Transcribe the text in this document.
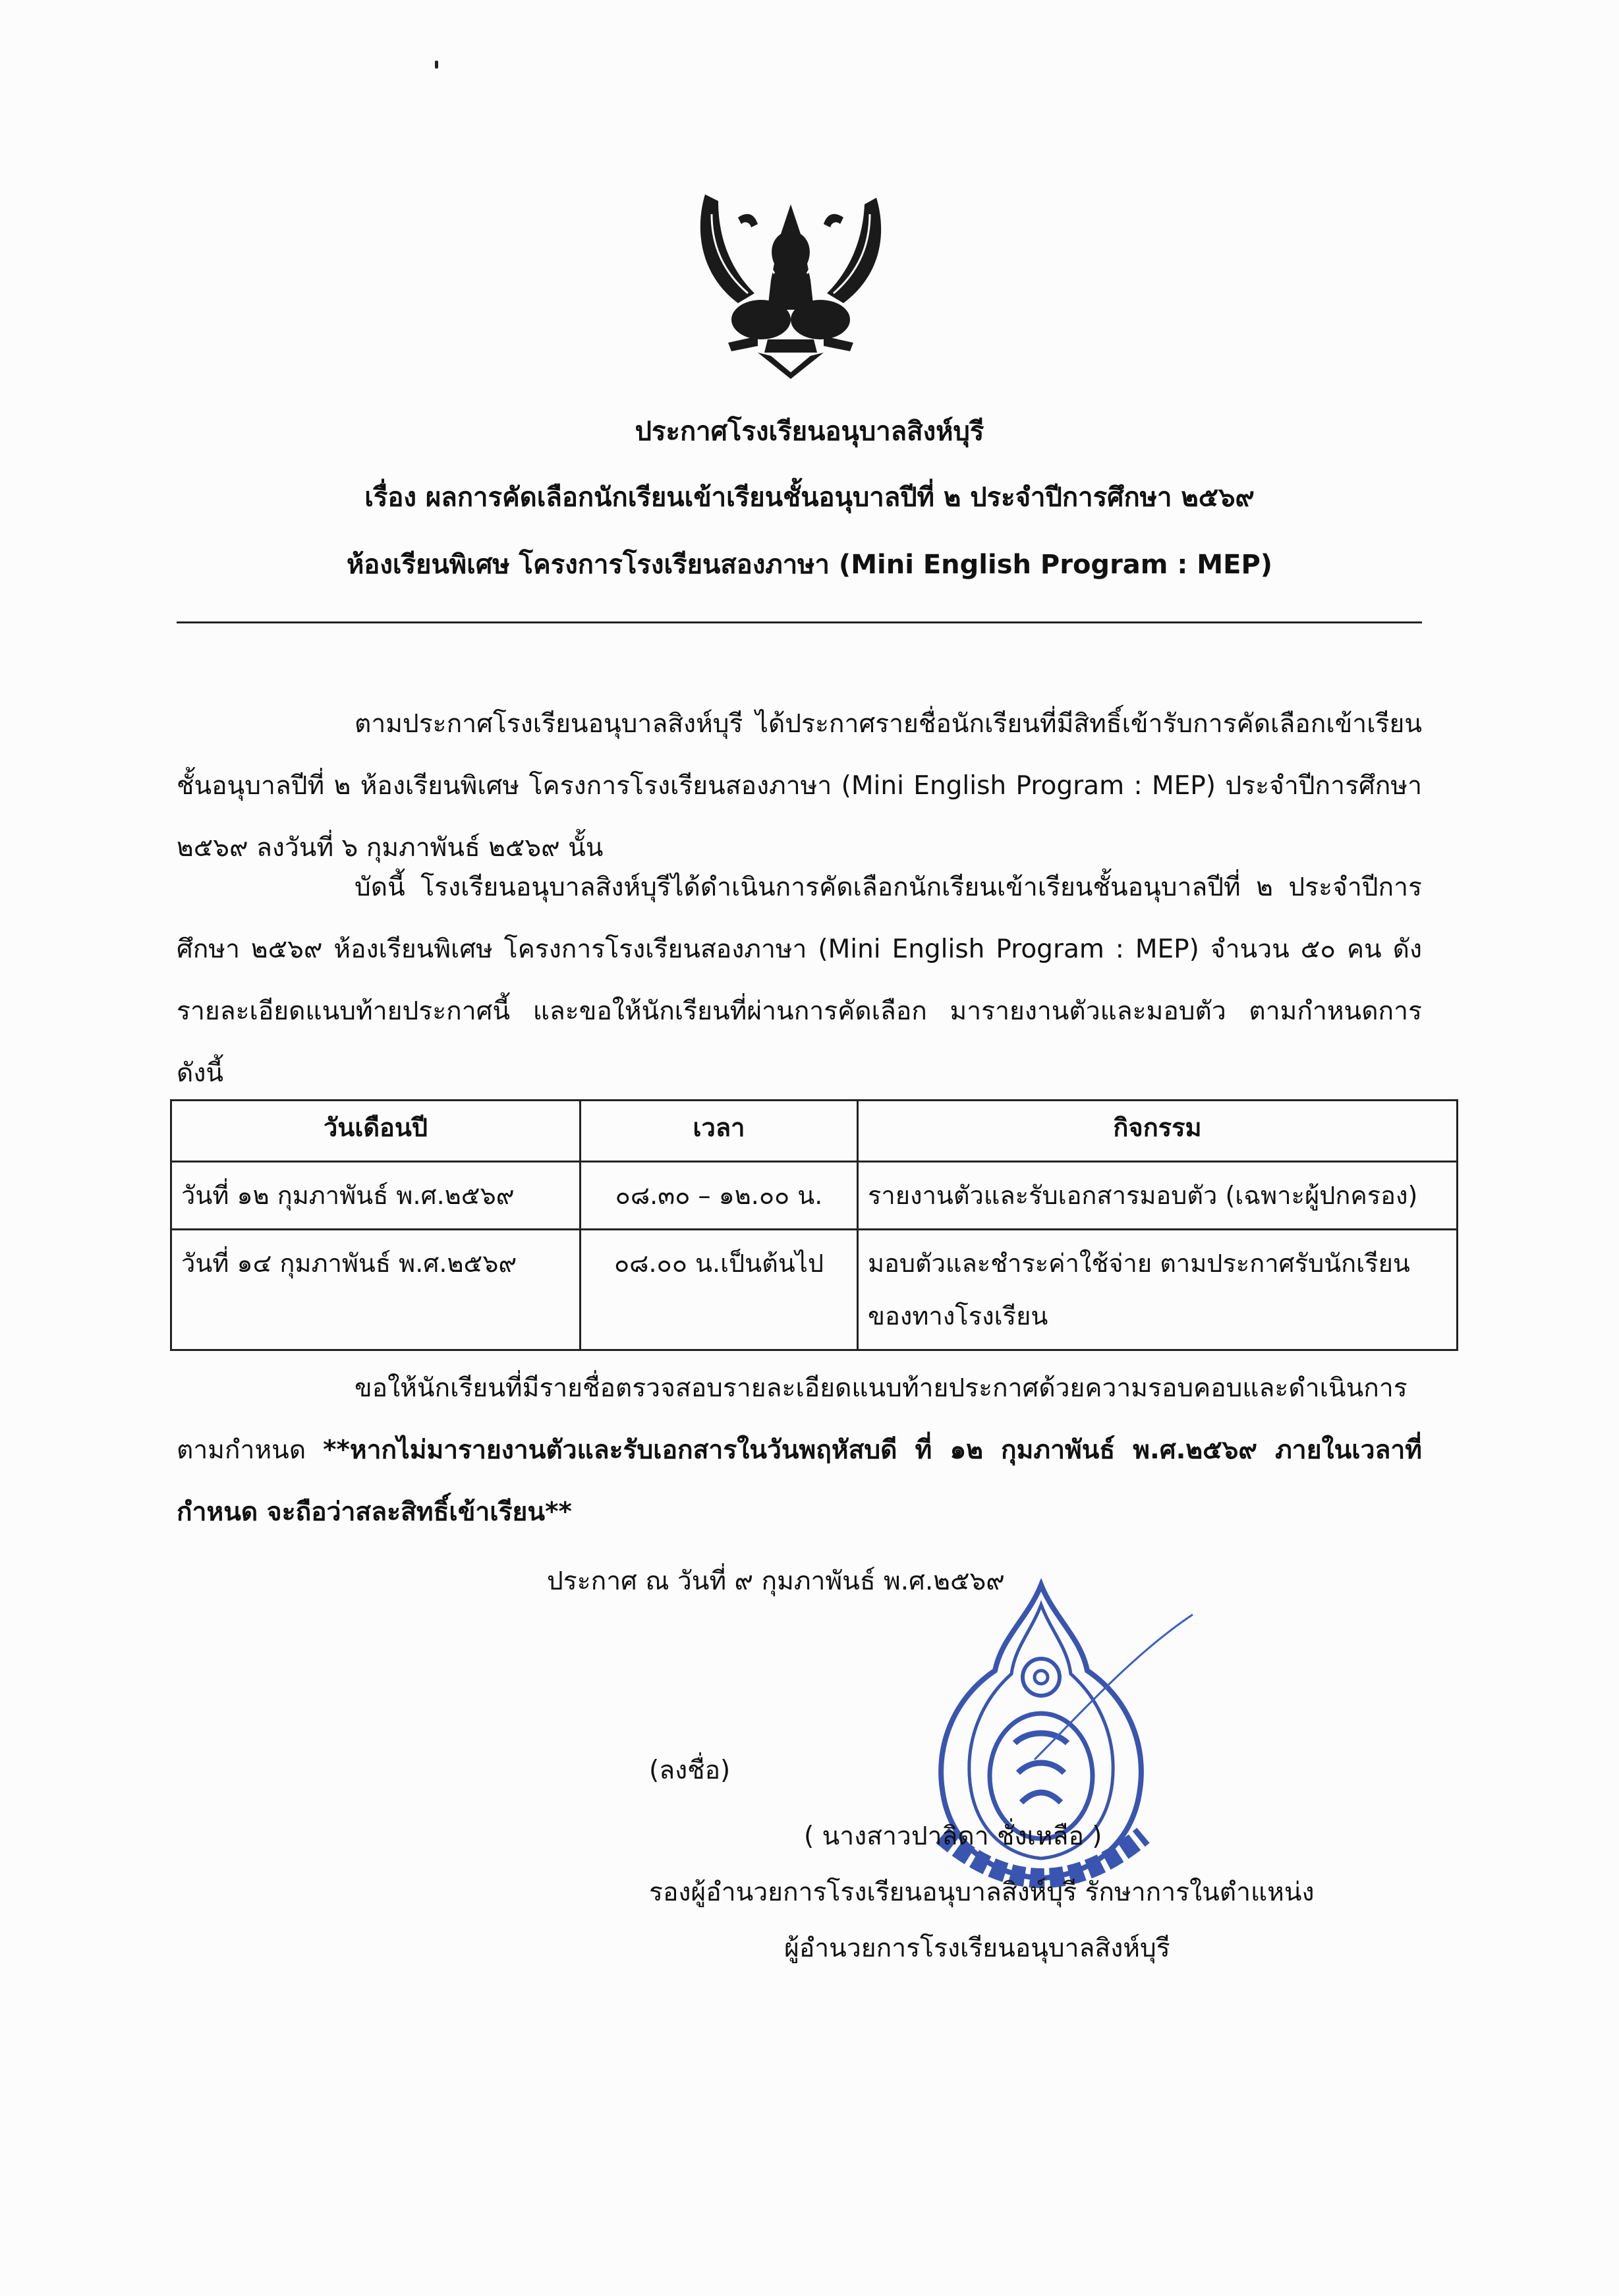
ประกาศโรงเรียนอนุบาลสิงห์บุรี
เรื่อง ผลการคัดเลือกนักเรียนเข้าเรียนชั้นอนุบาลปีที่ ๒ ประจำปีการศึกษา ๒๕๖๙
ห้องเรียนพิเศษ โครงการโรงเรียนสองภาษา (Mini English Program : MEP)
ตามประกาศโรงเรียนอนุบาลสิงห์บุรี ได้ประกาศรายชื่อนักเรียนที่มีสิทธิ์เข้ารับการคัดเลือกเข้าเรียนชั้นอนุบาลปีที่ ๒ ห้องเรียนพิเศษ โครงการโรงเรียนสองภาษา (Mini English Program : MEP) ประจำปีการศึกษา ๒๕๖๙ ลงวันที่ ๖ กุมภาพันธ์ ๒๕๖๙ นั้น
บัดนี้ โรงเรียนอนุบาลสิงห์บุรีได้ดำเนินการคัดเลือกนักเรียนเข้าเรียนชั้นอนุบาลปีที่ ๒ ประจำปีการศึกษา ๒๕๖๙ ห้องเรียนพิเศษ โครงการโรงเรียนสองภาษา (Mini English Program : MEP) จำนวน ๕๐ คน ดังรายละเอียดแนบท้ายประกาศนี้ และขอให้นักเรียนที่ผ่านการคัดเลือก มารายงานตัวและมอบตัว ตามกำหนดการ ดังนี้
วันเดือนปี	เวลา	กิจกรรม
วันที่ ๑๒ กุมภาพันธ์ พ.ศ.๒๕๖๙	๐๘.๓๐ – ๑๒.๐๐ น.	รายงานตัวและรับเอกสารมอบตัว (เฉพาะผู้ปกครอง)
วันที่ ๑๔ กุมภาพันธ์ พ.ศ.๒๕๖๙	๐๘.๐๐ น.เป็นต้นไป	มอบตัวและชำระค่าใช้จ่าย ตามประกาศรับนักเรียนของทางโรงเรียน
ขอให้นักเรียนที่มีรายชื่อตรวจสอบรายละเอียดแนบท้ายประกาศด้วยความรอบคอบและดำเนินการตามกำหนด **หากไม่มารายงานตัวและรับเอกสารในวันพฤหัสบดี ที่ ๑๒ กุมภาพันธ์ พ.ศ.๒๕๖๙ ภายในเวลาที่กำหนด จะถือว่าสละสิทธิ์เข้าเรียน**
ประกาศ ณ วันที่ ๙ กุมภาพันธ์ พ.ศ.๒๕๖๙
(ลงชื่อ)
( นางสาวปาลิดา ชั่งเหลือ )
รองผู้อำนวยการโรงเรียนอนุบาลสิงห์บุรี รักษาการในตำแหน่ง
ผู้อำนวยการโรงเรียนอนุบาลสิงห์บุรี
